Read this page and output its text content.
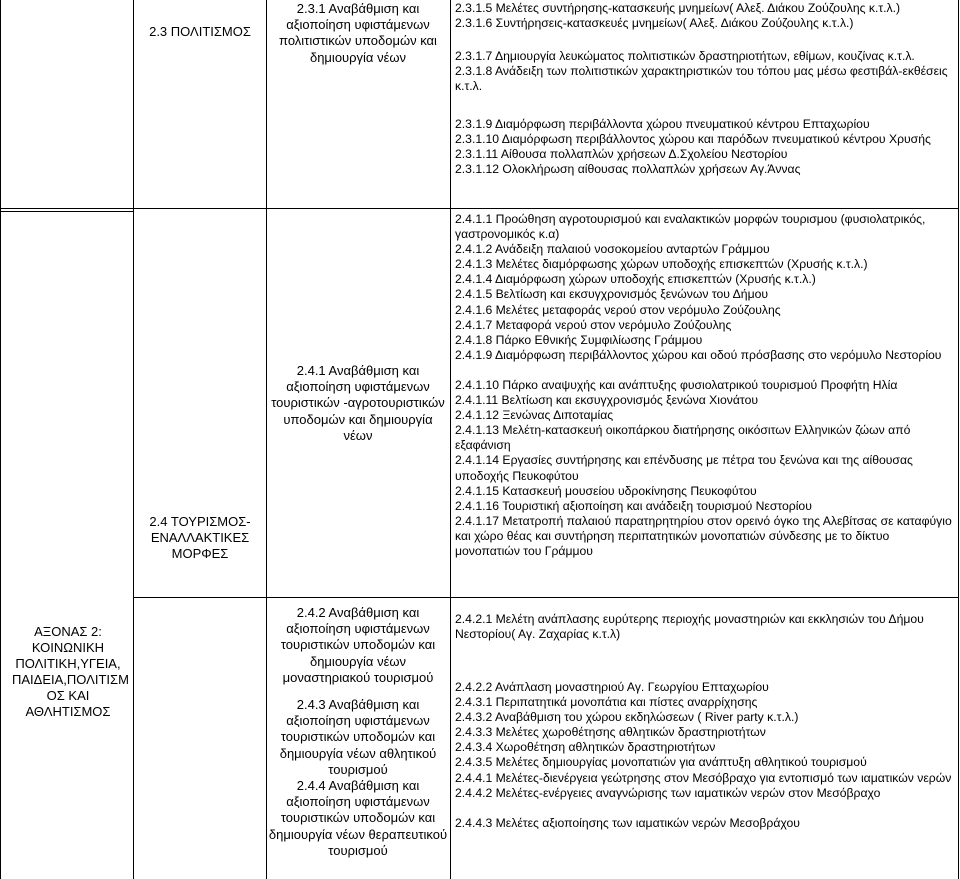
ΑΞΟΝΑΣ 2: ΚΟΙΝΩΝΙΚΗ ΠΟΛΙΤΙΚΗ,ΥΓΕΙΑ, ΠΑΙΔΕΙΑ,ΠΟΛΙΤΙΣΜ ΟΣ ΚΑΙ ΑΘΛΗΤΙΣΜΟΣ
2.3 ΠΟΛΙΤΙΣΜΟΣ
2.4 ΤΟΥΡΙΣΜΟΣ-ΕΝΑΛΛΑΚΤΙΚΕΣ ΜΟΡΦΕΣ
2.3.1 Αναβάθμιση και αξιοποίηση υφιστάμενων πολιτιστικών υποδομών και δημιουργία νέων
2.4.1 Αναβάθμιση και αξιοποίηση υφιστάμενων τουριστικών -αγροτουριστικών υποδομών και δημιουργία νέων
2.4.2 Αναβάθμιση και αξιοποίηση υφιστάμενων τουριστικών υποδομών και δημιουργία νέων μοναστηριακού τουρισμού
2.4.3 Αναβάθμιση και αξιοποίηση υφιστάμενων τουριστικών υποδομών και δημιουργία νέων αθλητικού τουρισμού
2.4.4 Αναβάθμιση και αξιοποίηση υφιστάμενων τουριστικών υποδομών και δημιουργία νέων θεραπευτικού τουρισμού
2.3.1.5 Μελέτες συντήρησης-κατασκευής μνημείων( Αλεξ. Διάκου Ζούζουλης κ.τ.λ.)
2.3.1.6 Συντήρησεις-κατασκευές μνημείων( Αλεξ. Διάκου Ζούζουλης κ.τ.λ.)
2.3.1.7 Δημιουργία λευκώματος πολιτιστικών δραστηριοτήτων, εθίμων, κουζίνας κ.τ.λ.
2.3.1.8 Ανάδειξη των πολιτιστικών χαρακτηριστικών του τόπου μας μέσω φεστιβάλ-εκθέσεις κ.τ.λ.
2.3.1.9 Διαμόρφωση περιβάλλοντα χώρου πνευματικού κέντρου Επταχωρίου
2.3.1.10 Διαμόρφωση περιβάλλοντος χώρου και παρόδων πνευματικού κέντρου Χρυσής
2.3.1.11 Αίθουσα πολλαπλών χρήσεων Δ.Σχολείου Νεστορίου
2.3.1.12 Ολοκλήρωση αίθουσας πολλαπλών χρήσεων Αγ.Άννας
2.4.1.1 Προώθηση αγροτουρισμού και εναλακτικών μορφών τουρισμου (φυσιολατρικός, γαστρονομικός κ.α)
2.4.1.2 Ανάδειξη παλαιού νοσοκομείου ανταρτών Γράμμου
2.4.1.3 Μελέτες διαμόρφωσης χώρων υποδοχής επισκεπτών (Χρυσής κ.τ.λ.)
2.4.1.4 Διαμόρφωση χώρων υποδοχής επισκεπτών (Χρυσής κ.τ.λ.)
2.4.1.5 Βελτίωση και εκσυγχρονισμός ξενώνων του Δήμου
2.4.1.6 Μελέτες μεταφοράς νερού στον νερόμυλο Ζούζουλης
2.4.1.7 Μεταφορά νερού στον νερόμυλο Ζούζουλης
2.4.1.8 Πάρκο Εθνικής Συμφιλίωσης Γράμμου
2.4.1.9 Διαμόρφωση περιβάλλοντος χώρου και οδού πρόσβασης στο νερόμυλο Νεστορίου
2.4.1.10 Πάρκο αναψυχής και ανάπτυξης φυσιολατρικού τουρισμού Προφήτη Ηλία
2.4.1.11 Βελτίωση και εκσυγχρονισμός ξενώνα Χιονάτου
2.4.1.12 Ξενώνας Διποταμίας
2.4.1.13 Μελέτη-κατασκευή οικοπάρκου διατήρησης οικόσιτων Ελληνικών ζώων από εξαφάνιση
2.4.1.14 Εργασίες συντήρησης και επένδυσης με πέτρα του ξενώνα και της αίθουσας υποδοχής Πευκοφύτου
2.4.1.15 Κατασκευή μουσείου υδροκίνησης Πευκοφύτου
2.4.1.16 Τουριστική αξιοποίηση και ανάδειξη τουρισμού Νεστορίου
2.4.1.17 Μετατροπή παλαιού παρατηρητηρίου στον ορεινό όγκο της Αλεβίτσας σε καταφύγιο και χώρο θέας και συντήρηση περιπατητικών μονοπατιών σύνδεσης με το δίκτυο μονοπατιών του Γράμμου
2.4.2.1 Μελέτη ανάπλασης ευρύτερης περιοχής μοναστηριών και εκκλησιών του Δήμου Νεστορίου( Αγ. Ζαχαρίας κ.τ.λ)
2.4.2.2 Ανάπλαση μοναστηριού Αγ. Γεωργίου Επταχωρίου
2.4.3.1 Περιπατητικά μονοπάτια και πίστες αναρρίχησης
2.4.3.2 Αναβάθμιση του χώρου εκδηλώσεων ( River party κ.τ.λ.)
2.4.3.3 Μελέτες χωροθέτησης αθλητικών δραστηριοτήτων
2.4.3.4 Χωροθέτηση αθλητικών δραστηριοτήτων
2.4.3.5 Μελέτες δημιουργίας μονοπατιών για ανάπτυξη αθλητικού τουρισμού
2.4.4.1 Μελέτες-διενέργεια γεώτρησης στον Μεσόβραχο για εντοπισμό των ιαματικών νερών
2.4.4.2 Μελέτες-ενέργειες αναγνώρισης των ιαματικών νερών στον Μεσόβραχο
2.4.4.3 Μελέτες αξιοποίησης των ιαματικών νερών Μεσοβράχου
